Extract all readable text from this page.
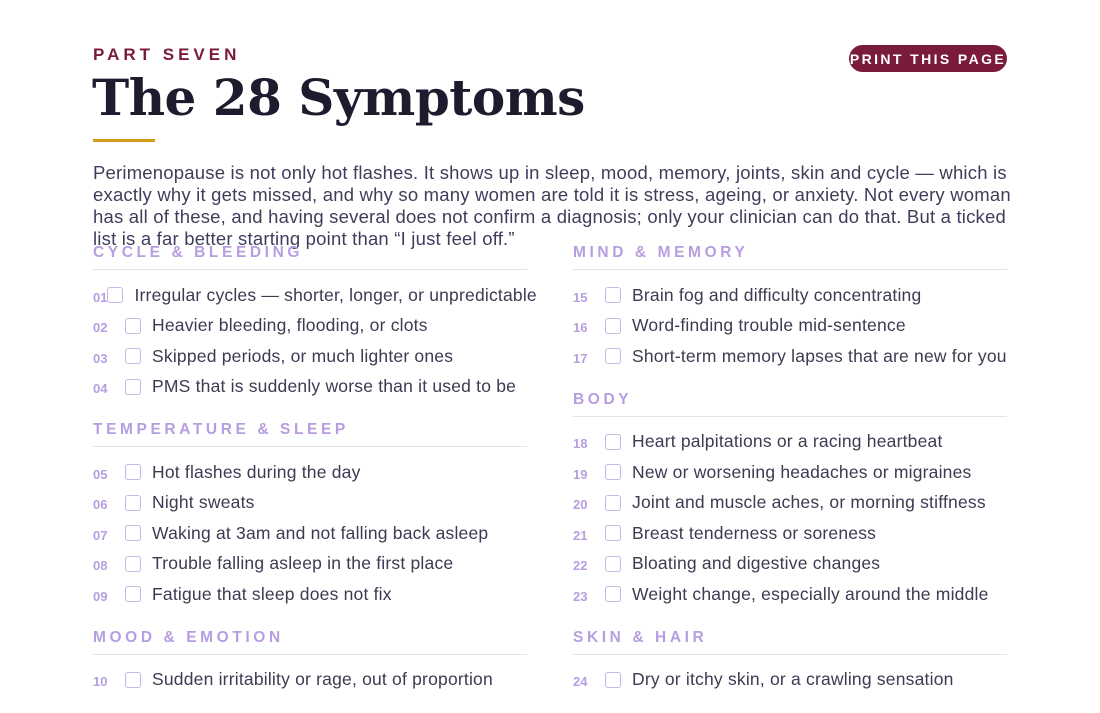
PART SEVEN	PRINT THIS PAGE
The 28 Symptoms

Perimenopause is not only hot flashes. It shows up in sleep, mood, memory, joints, skin and cycle — which is exactly why it gets missed, and why so many women are told it is stress, ageing, or anxiety. Not every woman has all of these, and having several does not confirm a diagnosis; only your clinician can do that. But a ticked list is a far better starting point than “I just feel off.”

CYCLE & BLEEDING
01 Irregular cycles — shorter, longer, or unpredictable
02	Heavier bleeding, flooding, or clots
03	Skipped periods, or much lighter ones
04	PMS that is suddenly worse than it used to be
TEMPERATURE & SLEEP
05	Hot flashes during the day
06	Night sweats
07	Waking at 3am and not falling back asleep
08	Trouble falling asleep in the first place
09	Fatigue that sleep does not fix
MOOD & EMOTION
10	Sudden irritability or rage, out of proportion
MIND & MEMORY
15	Brain fog and difficulty concentrating
16	Word-finding trouble mid-sentence
17	Short-term memory lapses that are new for you
BODY
18	Heart palpitations or a racing heartbeat
19	New or worsening headaches or migraines
20	Joint and muscle aches, or morning stiffness
21	Breast tenderness or soreness
22	Bloating and digestive changes
23	Weight change, especially around the middle
SKIN & HAIR
24	Dry or itchy skin, or a crawling sensation
